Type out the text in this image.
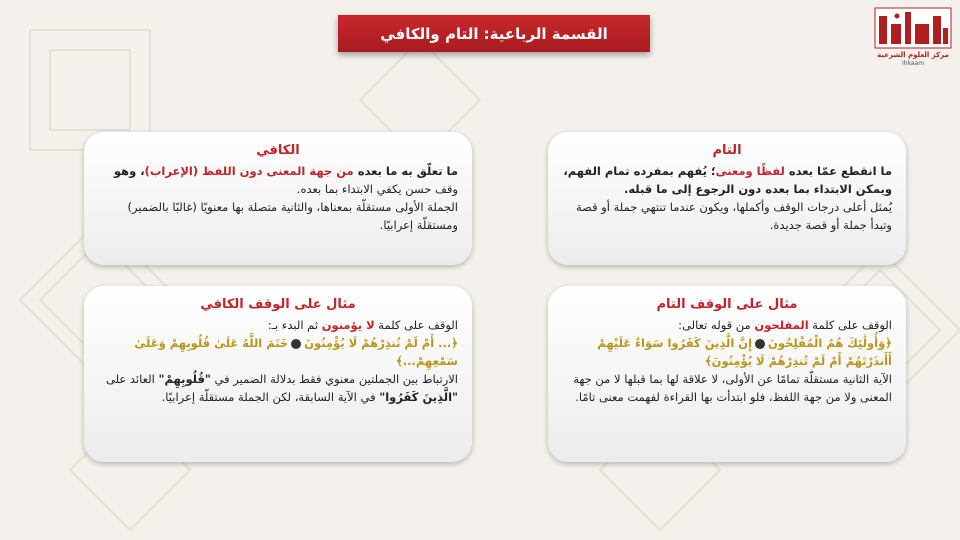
القسمة الرباعية: التام والكافي
مركز العلوم الشرعية
Ihkaam
التام

ما انقطع عمّا بعده لفظًا ومعنى؛ يُفهم بمفرده تمام الفهم،

ويمكن الابتداء بما بعده دون الرجوع إلى ما قبله.

يُمثل أعلى درجات الوقف وأكملها، ويكون عندما تنتهي جملة أو قصة وتبدأ جملة أو قصة جديدة.

الكافي

ما تعلّق به ما بعده من جهة المعنى دون اللفظ (الإعراب)، وهو

وقف حسن يكفي الابتداء بما بعده.

الجملة الأولى مستقلّة بمعناها، والثانية متصلة بها معنويًا (غالبًا بالضمير) ومستقلّة إعرابيًا.

مثال على الوقف التام

الوقف على كلمة المفلحون من قوله تعالى:

﴿وَأُولَٰئِكَ هُمُ الْمُفْلِحُونَإِنَّ الَّذِينَ كَفَرُوا سَوَاءٌ عَلَيْهِمْ أَأَنذَرْتَهُمْ أَمْ لَمْ تُنذِرْهُمْ لَا يُؤْمِنُونَ﴾

الآية الثانية مستقلّة تمامًا عن الأولى، لا علاقة لها بما قبلها لا من جهة المعنى ولا من جهة اللفظ، فلو ابتدأت بها القراءة لفهمت معنى تامًا.

مثال على الوقف الكافي

الوقف على كلمة لا يؤمنون ثم البدء بـ:

﴿... أَمْ لَمْ تُنذِرْهُمْ لَا يُؤْمِنُونَخَتَمَ اللَّهُ عَلَىٰ قُلُوبِهِمْ وَعَلَىٰ سَمْعِهِمْ...﴾

الارتباط بين الجملتين معنوي فقط بدلالة الضمير في "قُلُوبِهِمْ" العائد على "الَّذِينَ كَفَرُوا" في الآية السابقة، لكن الجملة مستقلّة إعرابيًا.
